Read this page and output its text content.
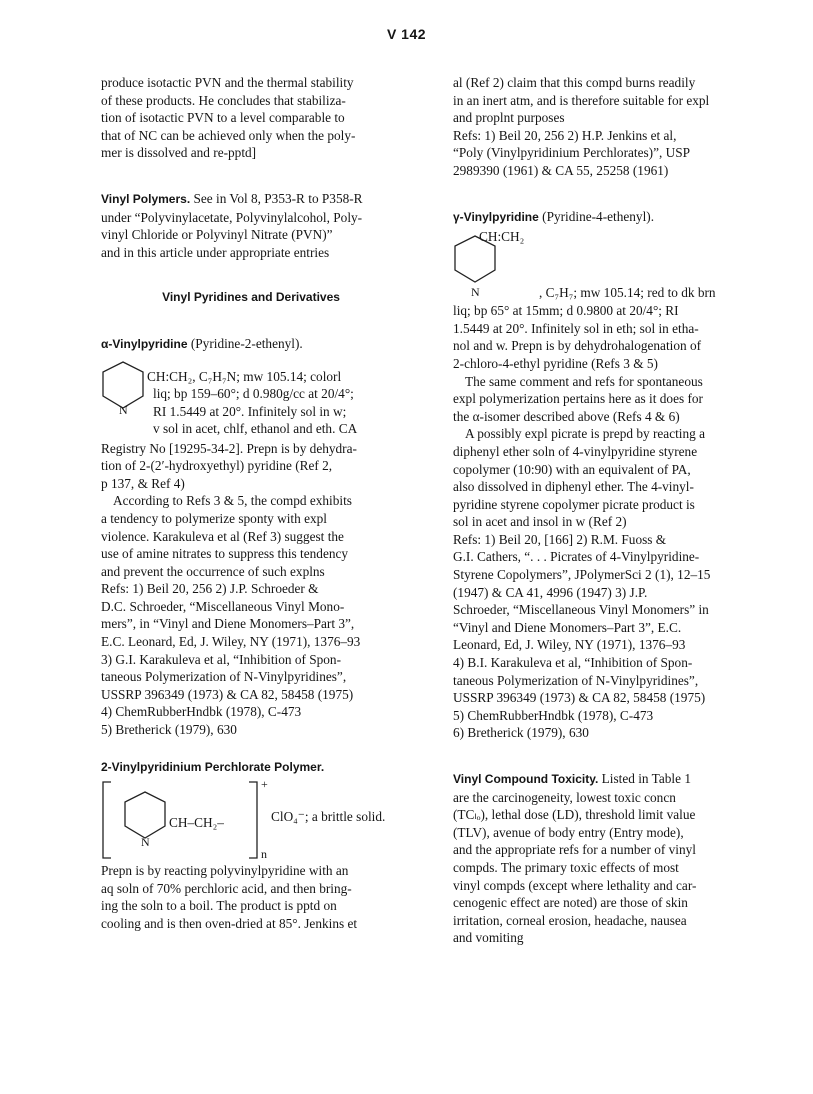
V 142

produce isotactic PVN and the thermal stability

of these products. He concludes that stabiliza-

tion of isotactic PVN to a level comparable to

that of NC can be achieved only when the poly-

mer is dissolved and re-pptd]

Vinyl Polymers. See in Vol 8, P353-R to P358-R

under “Polyvinylacetate, Polyvinylalcohol, Poly-

vinyl Chloride or Polyvinyl Nitrate (PVN)”

and in this article under appropriate entries

Vinyl Pyridines and Derivatives

α-Vinylpyridine (Pyridine-2-ethenyl).

N

CH:CH₂, C₇H₇N; mw 105.14; colorl

liq; bp 159–60°; d 0.980g/cc at 20/4°;

RI 1.5449 at 20°. Infinitely sol in w;

v sol in acet, chlf, ethanol and eth. CA

Registry No [19295-34-2]. Prepn is by dehydra-

tion of 2-(2′-hydroxyethyl) pyridine (Ref 2,

p 137, & Ref 4)

According to Refs 3 & 5, the compd exhibits

a tendency to polymerize sponty with expl

violence. Karakuleva et al (Ref 3) suggest the

use of amine nitrates to suppress this tendency

and prevent the occurrence of such explns

Refs: 1) Beil 20, 256 2) J.P. Schroeder &

D.C. Schroeder, “Miscellaneous Vinyl Mono-

mers”, in “Vinyl and Diene Monomers–Part 3”,

E.C. Leonard, Ed, J. Wiley, NY (1971), 1376–93

3) G.I. Karakuleva et al, “Inhibition of Spon-

taneous Polymerization of N-Vinylpyridines”,

USSRP 396349 (1973) & CA 82, 58458 (1975)

4) ChemRubberHndbk (1978), C-473

5) Bretherick (1979), 630

2-Vinylpyridinium Perchlorate Polymer.

+
N
CH–CH₂–
n
ClO₄⁻; a brittle solid.

Prepn is by reacting polyvinylpyridine with an

aq soln of 70% perchloric acid, and then bring-

ing the soln to a boil. The product is pptd on

cooling and is then oven-dried at 85°. Jenkins et

al (Ref 2) claim that this compd burns readily

in an inert atm, and is therefore suitable for expl

and proplnt purposes

Refs: 1) Beil 20, 256 2) H.P. Jenkins et al,

“Poly (Vinylpyridinium Perchlorates)”, USP

2989390 (1961) & CA 55, 25258 (1961)

γ-Vinylpyridine (Pyridine-4-ethenyl).

CH:CH₂
N	, C₇H₇; mw 105.14; red to dk brn

liq; bp 65° at 15mm; d 0.9800 at 20/4°; RI

1.5449 at 20°. Infinitely sol in eth; sol in etha-

nol and w. Prepn is by dehydrohalogenation of

2-chloro-4-ethyl pyridine (Refs 3 & 5)

The same comment and refs for spontaneous

expl polymerization pertains here as it does for

the α-isomer described above (Refs 4 & 6)

A possibly expl picrate is prepd by reacting a

diphenyl ether soln of 4-vinylpyridine styrene

copolymer (10:90) with an equivalent of PA,

also dissolved in diphenyl ether. The 4-vinyl-

pyridine styrene copolymer picrate product is

sol in acet and insol in w (Ref 2)

Refs: 1) Beil 20, [166] 2) R.M. Fuoss &

G.I. Cathers, “. . . Picrates of 4-Vinylpyridine-

Styrene Copolymers”, JPolymerSci 2 (1), 12–15

(1947) & CA 41, 4996 (1947) 3) J.P.

Schroeder, “Miscellaneous Vinyl Monomers” in

“Vinyl and Diene Monomers–Part 3”, E.C.

Leonard, Ed, J. Wiley, NY (1971), 1376–93

4) B.I. Karakuleva et al, “Inhibition of Spon-

taneous Polymerization of N-Vinylpyridines”,

USSRP 396349 (1973) & CA 82, 58458 (1975)

5) ChemRubberHndbk (1978), C-473

6) Bretherick (1979), 630

Vinyl Compound Toxicity. Listed in Table 1

are the carcinogeneity, lowest toxic concn

(TCₗₒ), lethal dose (LD), threshold limit value

(TLV), avenue of body entry (Entry mode),

and the appropriate refs for a number of vinyl

compds. The primary toxic effects of most

vinyl compds (except where lethality and car-

cenogenic effect are noted) are those of skin

irritation, corneal erosion, headache, nausea

and vomiting
